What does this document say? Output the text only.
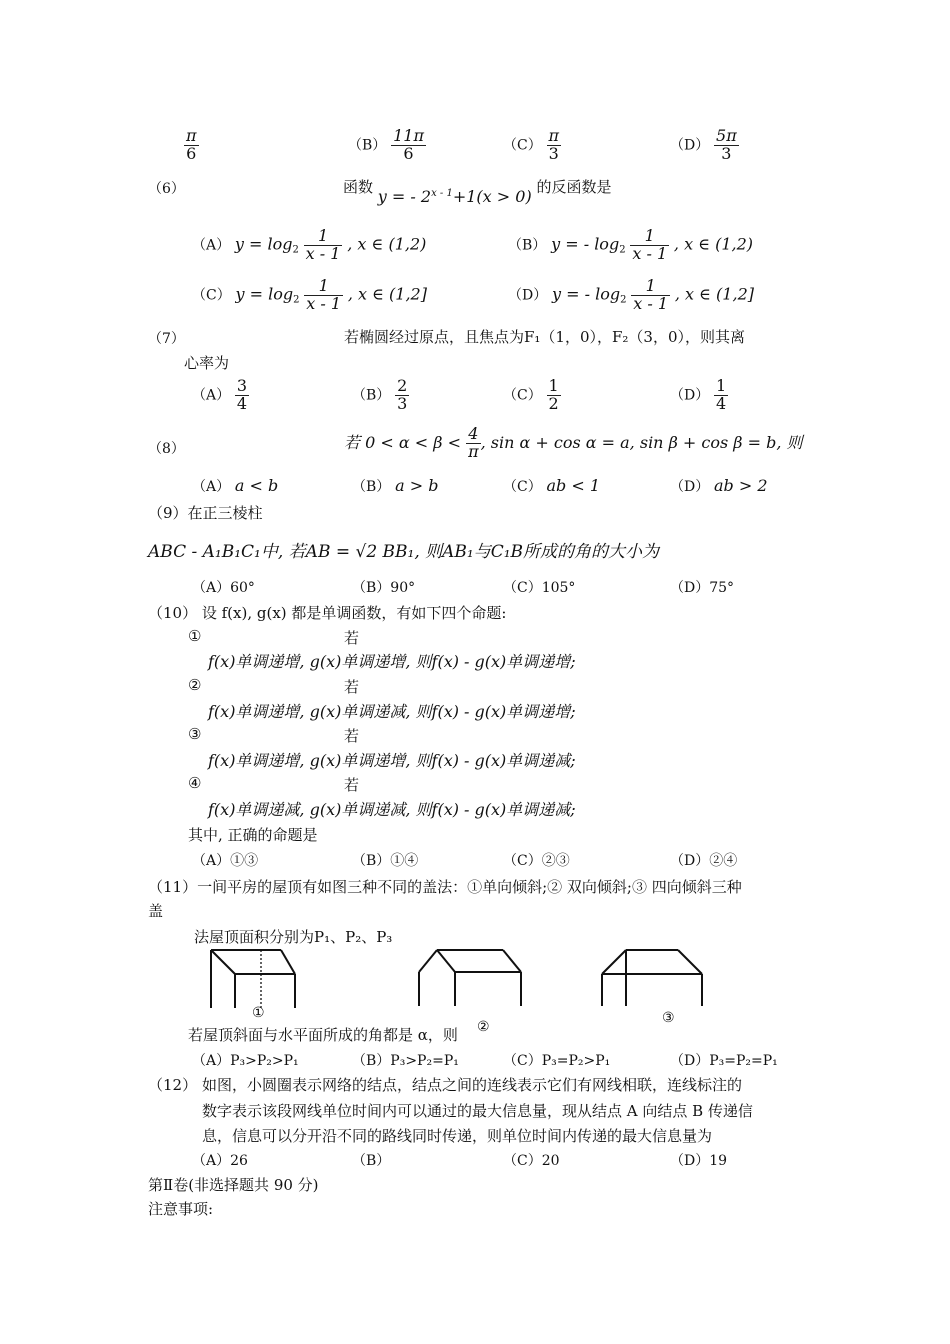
$\frac{\pi}{6}$	$(B) \frac{11\pi}{6}$	$(C) \frac{\pi}{3}$	$(D) \frac{5\pi}{3}$
（6）	函数 y = - $2^{x - 1}+1(x > 0)$ 的反函数是
（A） $y = \log_2 \frac{1}{x - 1}$ , x ∈ (1,2)	（B） y = - $\log_2 \frac{1}{x - 1}$ , x ∈ (1,2)
（C） $y = \log_2 \frac{1}{x - 1}$ , x ∈ (1,2]	（D） y = - $\log_2 \frac{1}{x - 1}$ , x ∈ (1,2]
（7）	若椭圆经过原点，且焦点为F₁（1，0），F₂（3，0），则其离
心率为
$(A) \frac{3}{4}$	$(B) \frac{2}{3}$	$(C) \frac{1}{2}$	$(D) \frac{1}{4}$
（8）	若 $0 < \alpha < \beta < \frac{4}{\pi}$ , sin α + cos α = a, sin β + cos β = b, 则
（A） a < b	（B） a > b	（C） ab < 1	（D） ab > 2
（9）在正三棱柱
ABC - A₁B₁C₁中, 若AB = √2 BB₁, 则AB₁与C₁B所成的角的大小为
（A）60°	（B）90°	（C）105°	（D）75°
（10） 设 f(x), g(x) 都是单调函数，有如下四个命题:
①	若
f(x)单调递增, g(x)单调递增, 则f(x) - g(x)单调递增;
②	若
f(x)单调递增, g(x)单调递减, 则f(x) - g(x)单调递增;
③	若
f(x)单调递增, g(x)单调递增, 则f(x) - g(x)单调递减;
④	若
f(x)单调递减, g(x)单调递减, 则f(x) - g(x)单调递减;
其中, 正确的命题是
（A）①③	（B）①④	（C）②③	（D）②④
（11）一间平房的屋顶有如图三种不同的盖法：①单向倾斜;② 双向倾斜;③ 四向倾斜三种
盖
法屋顶面积分别为P₁、P₂、P₃
①	③
若屋顶斜面与水平面所成的角都是 α，则 ②
（A）P₃>P₂>P₁	（B）P₃>P₂=P₁	（C）P₃=P₂>P₁	（D）P₃=P₂=P₁
（12） 如图，小圆圈表示网络的结点，结点之间的连线表示它们有网线相联，连线标注的
数字表示该段网线单位时间内可以通过的最大信息量，现从结点 A 向结点 B 传递信
息，信息可以分开沿不同的路线同时传递，则单位时间内传递的最大信息量为
（A）26	（B）	（C）20	（D）19
第Ⅱ卷(非选择题共 90 分)
注意事项:
